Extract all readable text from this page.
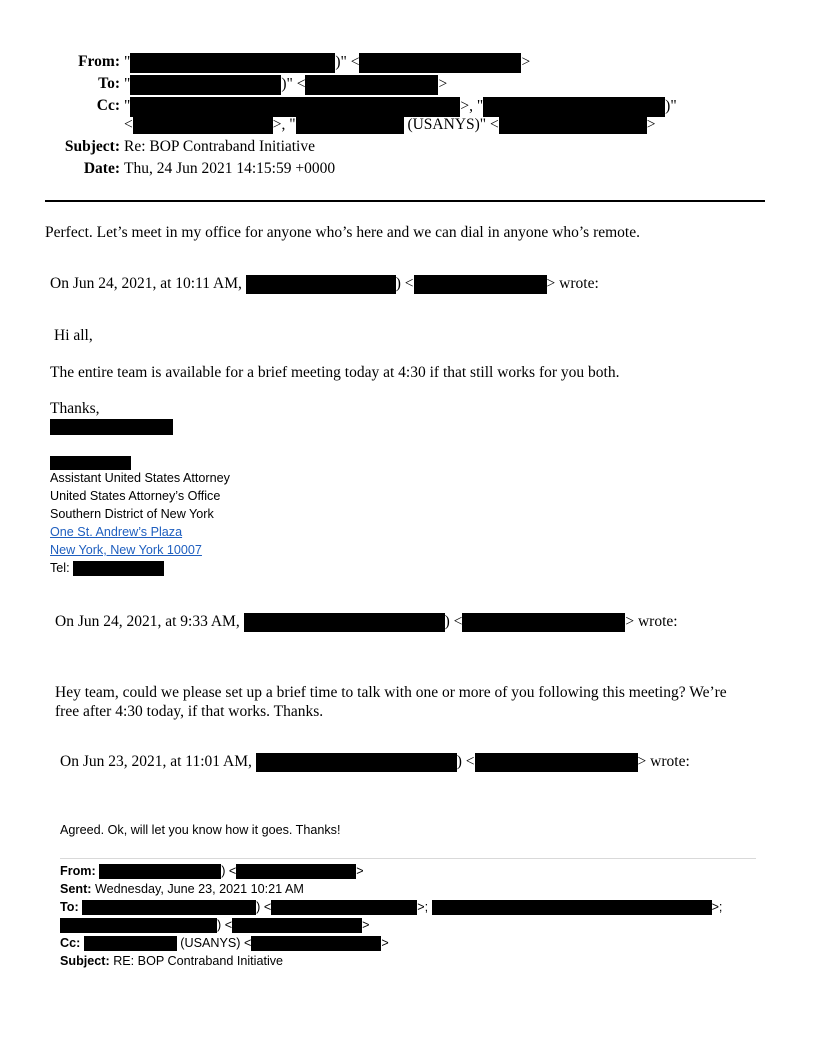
From: "	)" <	>
To: "	)" <	>
Cc: "	>, "	)"
<	>, "	(USANYS)" <	>
Subject: Re: BOP Contraband Initiative
Date: Thu, 24 Jun 2021 14:15:59 +0000
Perfect. Let’s meet in my office for anyone who’s here and we can dial in anyone who’s remote.
On Jun 24, 2021, at 10:11 AM,	) <	> wrote:
Hi all,
The entire team is available for a brief meeting today at 4:30 if that still works for you both.
Thanks,
Assistant United States Attorney
United States Attorney’s Office
Southern District of New York
One St. Andrew’s Plaza
New York, New York 10007
Tel:
On Jun 24, 2021, at 9:33 AM,	) <	> wrote:
Hey team, could we please set up a brief time to talk with one or more of you following this meeting? We’re
free after 4:30 today, if that works. Thanks.
On Jun 23, 2021, at 11:01 AM,	) <	> wrote:
Agreed. Ok, will let you know how it goes. Thanks!
From:	) <	>
Sent: Wednesday, June 23, 2021 10:21 AM
To:	) <	>;	>;
) <	>
Cc:	(USANYS) <	>
Subject: RE: BOP Contraband Initiative
